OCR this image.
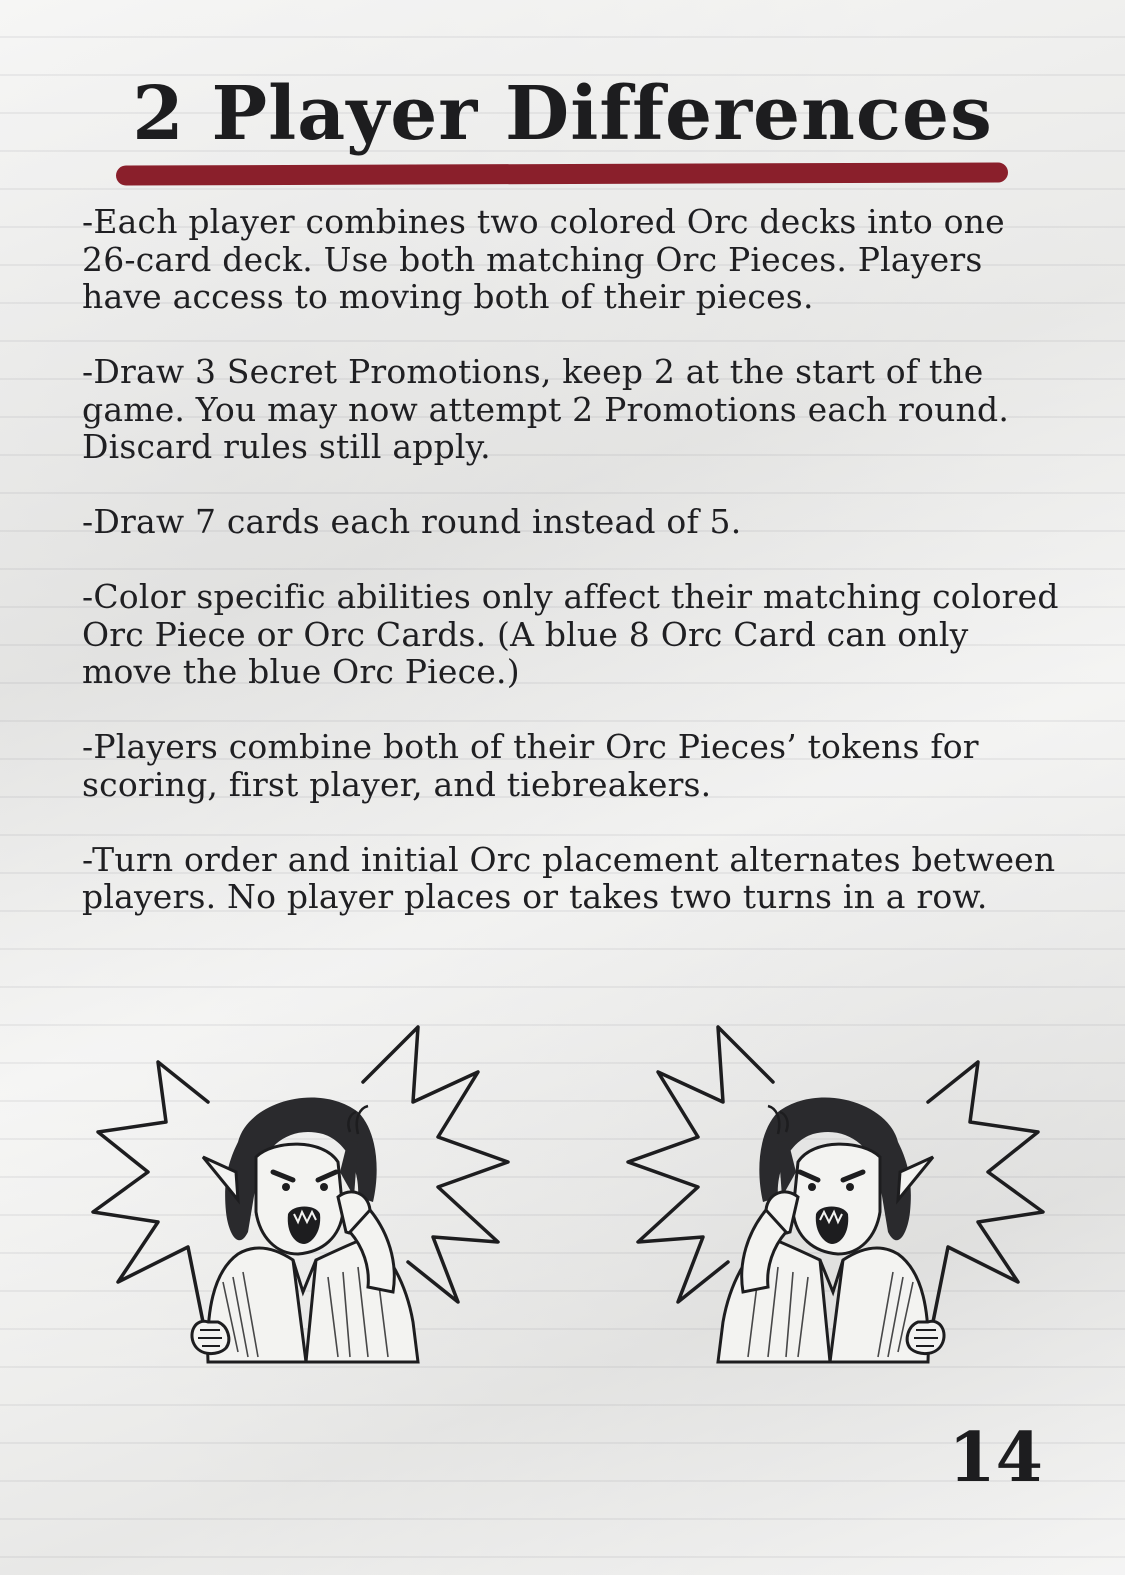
2 Player Differences

-Each player combines two colored Orc decks into one 26-card deck. Use both matching Orc Pieces. Players have access to moving both of their pieces.

-Draw 3 Secret Promotions, keep 2 at the start of the game. You may now attempt 2 Promotions each round. Discard rules still apply.

-Draw 7 cards each round instead of 5.

-Color specific abilities only affect their matching colored Orc Piece or Orc Cards. (A blue 8 Orc Card can only move the blue Orc Piece.)

-Players combine both of their Orc Pieces’ tokens for scoring, first player, and tiebreakers.

-Turn order and initial Orc placement alternates between players. No player places or takes two turns in a row.

14
